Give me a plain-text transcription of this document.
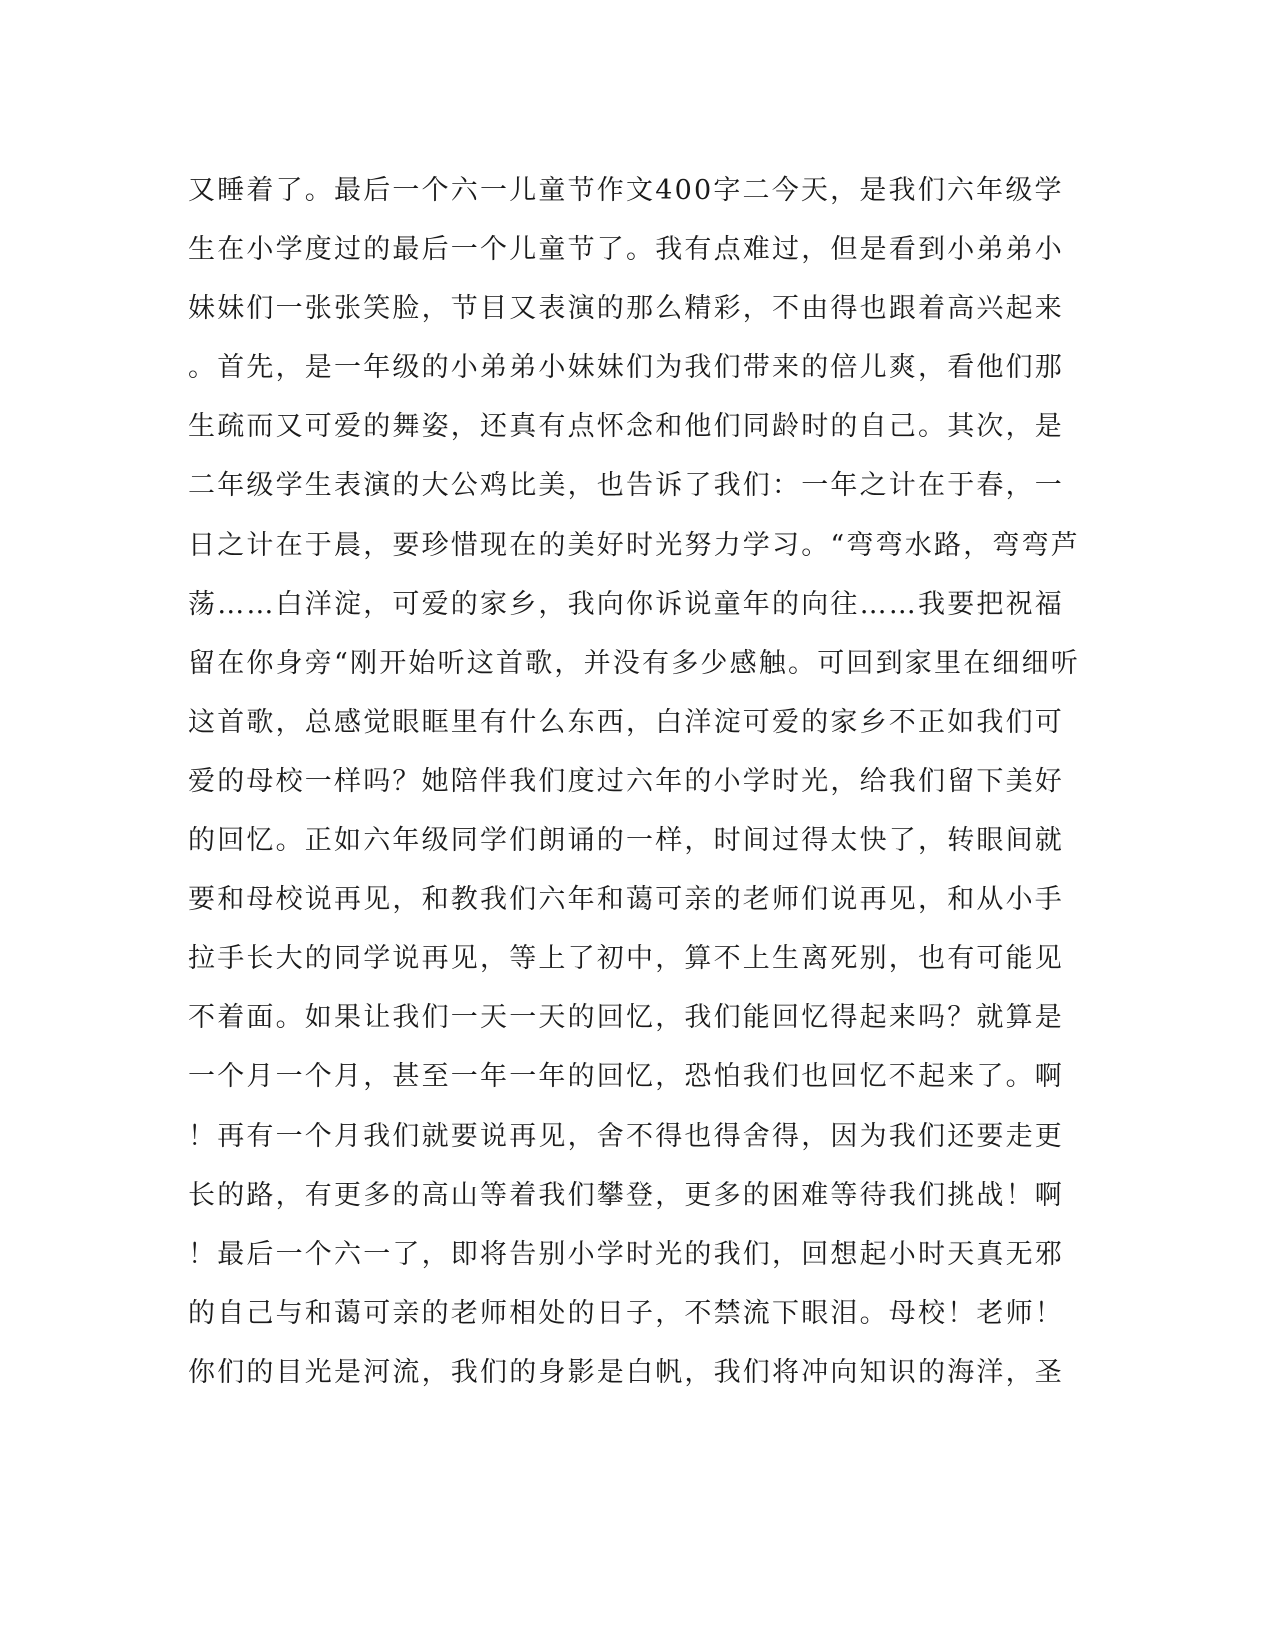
又睡着了。最后一个六一儿童节作文400字二今天，是我们六年级学
生在小学度过的最后一个儿童节了。我有点难过，但是看到小弟弟小
妹妹们一张张笑脸，节目又表演的那么精彩，不由得也跟着高兴起来
。首先，是一年级的小弟弟小妹妹们为我们带来的倍儿爽，看他们那
生疏而又可爱的舞姿，还真有点怀念和他们同龄时的自己。其次，是
二年级学生表演的大公鸡比美，也告诉了我们：一年之计在于春，一
日之计在于晨，要珍惜现在的美好时光努力学习。“弯弯水路，弯弯芦
荡……白洋淀，可爱的家乡，我向你诉说童年的向往……我要把祝福
留在你身旁“刚开始听这首歌，并没有多少感触。可回到家里在细细听
这首歌，总感觉眼眶里有什么东西，白洋淀可爱的家乡不正如我们可
爱的母校一样吗？她陪伴我们度过六年的小学时光，给我们留下美好
的回忆。正如六年级同学们朗诵的一样，时间过得太快了，转眼间就
要和母校说再见，和教我们六年和蔼可亲的老师们说再见，和从小手
拉手长大的同学说再见，等上了初中，算不上生离死别，也有可能见
不着面。如果让我们一天一天的回忆，我们能回忆得起来吗？就算是
一个月一个月，甚至一年一年的回忆，恐怕我们也回忆不起来了。啊
！再有一个月我们就要说再见，舍不得也得舍得，因为我们还要走更
长的路，有更多的高山等着我们攀登，更多的困难等待我们挑战！啊
！最后一个六一了，即将告别小学时光的我们，回想起小时天真无邪
的自己与和蔼可亲的老师相处的日子，不禁流下眼泪。母校！老师！
你们的目光是河流，我们的身影是白帆，我们将冲向知识的海洋，圣
